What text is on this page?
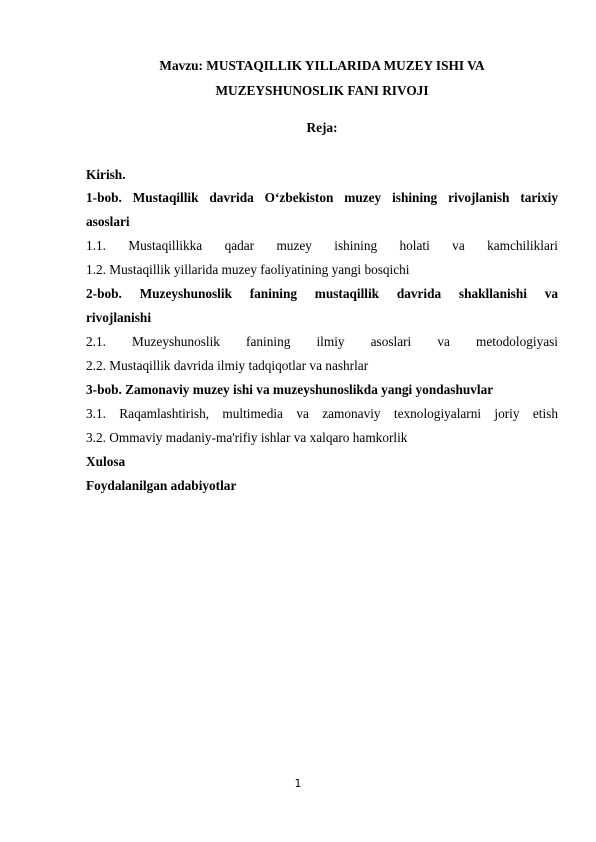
Mavzu: MUSTAQILLIK YILLARIDA MUZEY ISHI VA
MUZEYSHUNOSLIK FANI RIVOJI
Reja:
Kirish.
1-bob. Mustaqillik davrida O‘zbekiston muzey ishining rivojlanish tarixiy
asoslari
1.1. Mustaqillikka qadar muzey ishining holati va kamchiliklari
1.2. Mustaqillik yillarida muzey faoliyatining yangi bosqichi
2-bob. Muzeyshunoslik fanining mustaqillik davrida shakllanishi va
rivojlanishi
2.1. Muzeyshunoslik fanining ilmiy asoslari va metodologiyasi
2.2. Mustaqillik davrida ilmiy tadqiqotlar va nashrlar
3-bob. Zamonaviy muzey ishi va muzeyshunoslikda yangi yondashuvlar
3.1. Raqamlashtirish, multimedia va zamonaviy texnologiyalarni joriy etish
3.2. Ommaviy madaniy-ma'rifiy ishlar va xalqaro hamkorlik
Xulosa
Foydalanilgan adabiyotlar
1
